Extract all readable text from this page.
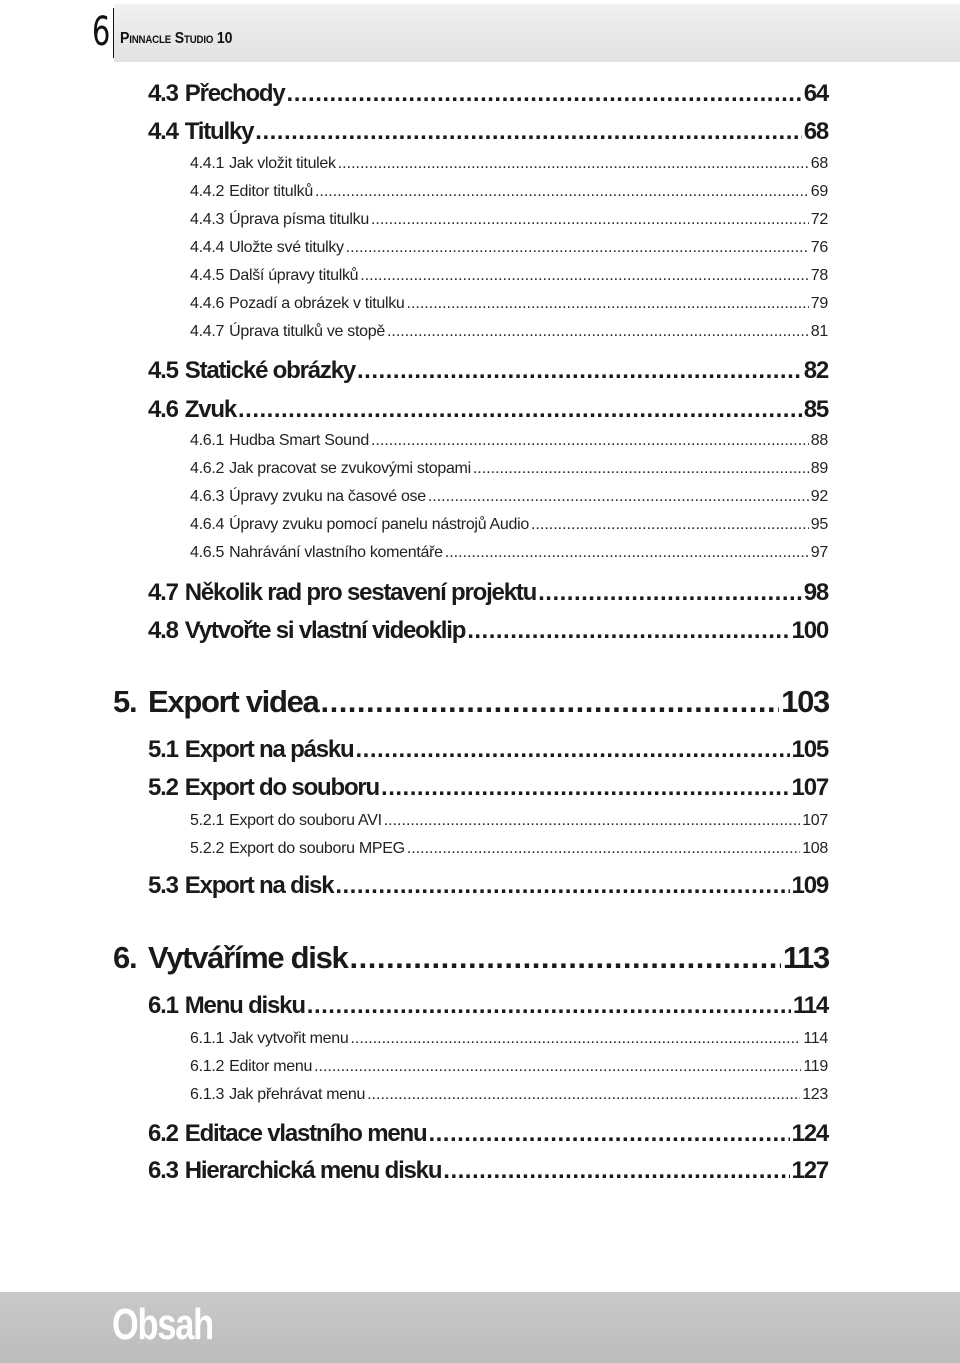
6 Pinnacle Studio 10
4.3 Přechody .....	64
4.4 Titulky .....	68
4.4.1 Jak vložit titulek .....	68
4.4.2 Editor titulků .....	69
4.4.3 Úprava písma titulku .....	72
4.4.4 Uložte své titulky .....	76
4.4.5 Další úpravy titulků .....	78
4.4.6 Pozadí a obrázek v titulku .....	79
4.4.7 Úprava titulků ve stopě .....	81
4.5 Statické obrázky .....	82
4.6 Zvuk .....	85
4.6.1 Hudba Smart Sound .....	88
4.6.2 Jak pracovat se zvukovými stopami .....	89
4.6.3 Úpravy zvuku na časové ose .....	92
4.6.4 Úpravy zvuku pomocí panelu nástrojů Audio .....	95
4.6.5 Nahrávání vlastního komentáře .....	97
4.7 Několik rad pro sestavení projektu .....	98
4.8 Vytvořte si vlastní videoklip .....	100
5. Export videa .....	103
5.1 Export na pásku .....	105
5.2 Export do souboru .....	107
5.2.1 Export do souboru AVI .....	107
5.2.2 Export do souboru MPEG .....	108
5.3 Export na disk .....	109
6. Vytváříme disk .....	113
6.1 Menu disku .....	114
6.1.1 Jak vytvořit menu .....	114
6.1.2 Editor menu .....	119
6.1.3 Jak přehrávat menu .....	123
6.2 Editace vlastního menu .....	124
6.3 Hierarchická menu disku .....	127
Obsah
